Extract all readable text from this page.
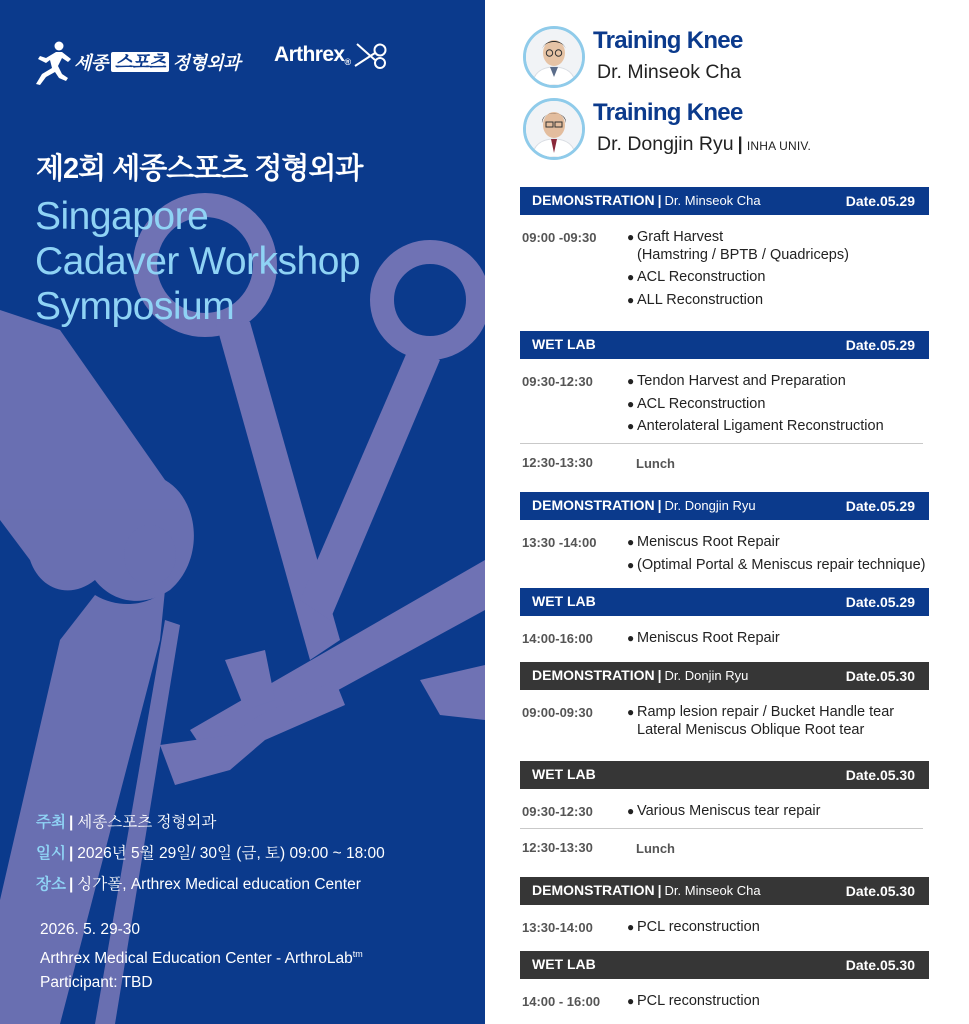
세종 스포츠 정형외과 Arthrex ®
제2회 세종스포츠 정형외과
Singapore
Cadaver Workshop
Symposium
주최 | 세종스포츠 정형외과
일시 | 2026년 5월 29일/ 30일 (금, 토) 09:00 ~ 18:00
장소 | 싱가폴, Arthrex Medical education Center
2026. 5. 29-30
Arthrex Medical Education Center - ArthroLab$^{tm}$
Participant: TBD
Training Knee
Dr. Minseok Cha
Training Knee
Dr. Dongjin Ryu | INHA UNIV.
DEMONSTRATION | Dr. Minseok Cha	Date.05.29
09:00 -09:30	● Graft Harvest
(Hamstring / BPTB / Quadriceps)
● ACL Reconstruction
● ALL Reconstruction
WET LAB	Date.05.29
09:30-12:30	● Tendon Harvest and Preparation
● ACL Reconstruction
● Anterolateral Ligament Reconstruction
12:30-13:30	Lunch
DEMONSTRATION | Dr. Dongjin Ryu	Date.05.29
13:30 -14:00	● Meniscus Root Repair
● (Optimal Portal & Meniscus repair technique)
WET LAB	Date.05.29
14:00-16:00	● Meniscus Root Repair
DEMONSTRATION | Dr. Donjin Ryu	Date.05.30
09:00-09:30	● Ramp lesion repair / Bucket Handle tear
Lateral Meniscus Oblique Root tear
WET LAB	Date.05.30
09:30-12:30	● Various Meniscus tear repair
12:30-13:30	Lunch
DEMONSTRATION | Dr. Minseok Cha	Date.05.30
13:30-14:00	● PCL reconstruction
WET LAB	Date.05.30
14:00 - 16:00	● PCL reconstruction
